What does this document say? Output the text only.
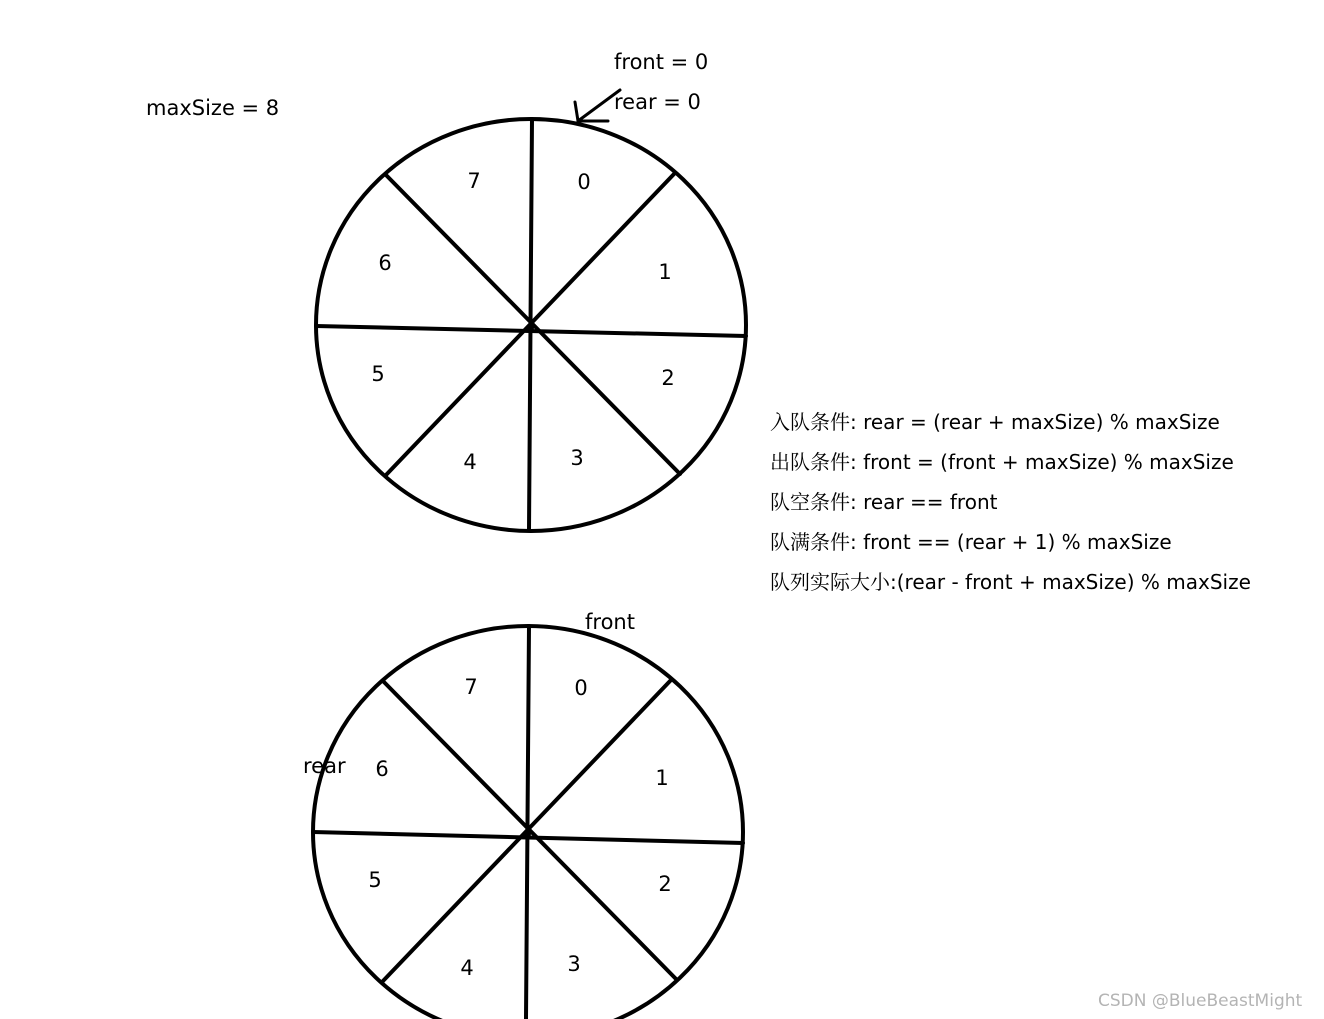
maxSize = 8
0
1
2
3
4
5
6
7
front = 0
rear = 0
入队条件: rear = (rear + maxSize) % maxSize
出队条件: front = (front + maxSize) % maxSize
队空条件: rear == front
队满条件: front == (rear + 1) % maxSize
队列实际大小:(rear - front + maxSize) % maxSize
0
1
2
3
4
5
6
7
front
rear
CSDN @BlueBeastMight
